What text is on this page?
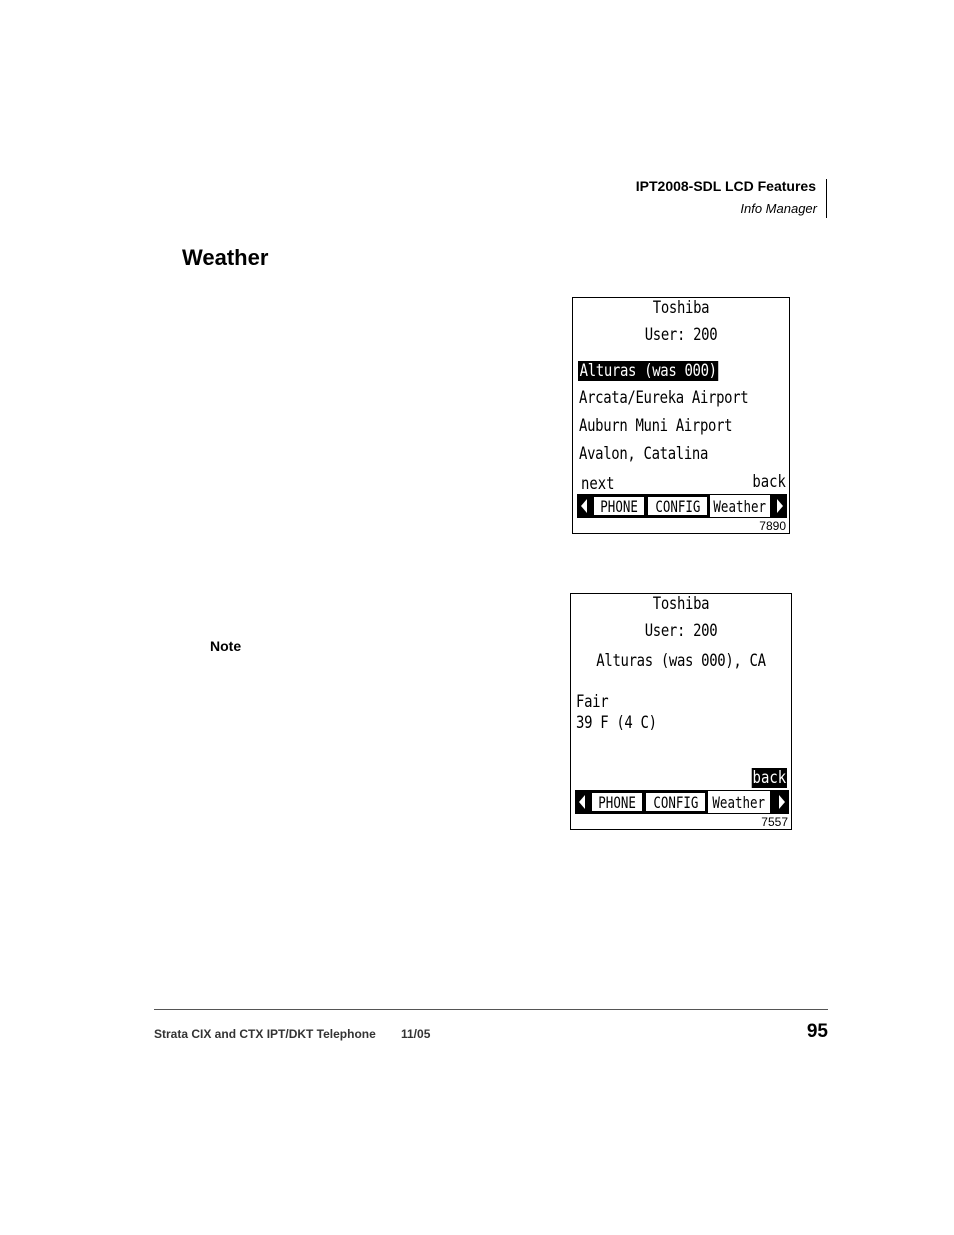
IPT2008-SDL LCD Features
Info Manager
Weather
Toshiba
User: 200
Alturas (was 000)
Arcata/Eureka Airport
Auburn Muni Airport
Avalon, Catalina
next	back
PHONE CONFIG Weather
7890
Toshiba
User: 200
Alturas (was 000), CA
Fair
39 F (4 C)
back
PHONE CONFIG Weather
7557
Note
Strata CIX and CTX IPT/DKT Telephone 11/05	95
